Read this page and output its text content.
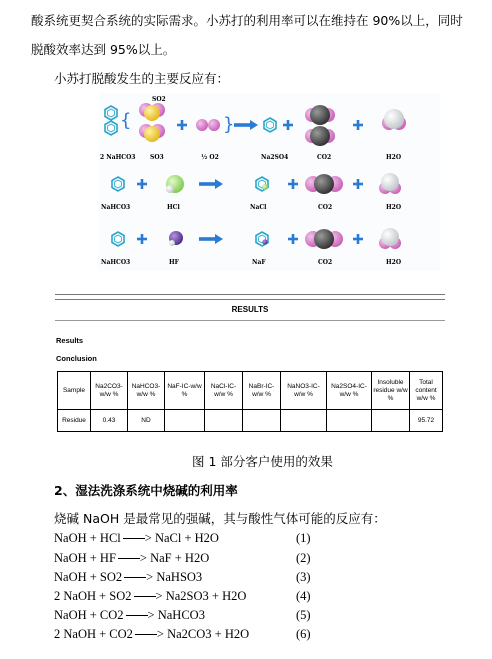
酸系统更契合系统的实际需求。小苏打的利用率可以在维持在 90%以上，同时
脱酸效率达到 95%以上。
小苏打脱酸发生的主要反应有：
{	}
SO2
2 NaHCO3 SO3	½ O2	Na2SO4	CO2	H2O
NaHCO3	HCl	NaCl	CO2	H2O
NaHCO3	HF	NaF	CO2	H2O
RESULTS
Results
Conclusion
Sample	Na2CO3-w/w %	NaHCO3-w/w %	NaF-IC-w/w %	NaCl-IC-w/w %	NaBr-IC-w/w %	NaNO3-IC-w/w %	Na2SO4-IC-w/w %	Insoluble residue w/w %	Total content w/w %
Residue	0.43	ND							95.72
图 1 部分客户使用的效果
2、湿法洗涤系统中烧碱的利用率
烧碱 NaOH 是最常见的强碱，其与酸性气体可能的反应有：
NaOH + HCl > NaCl + H2O	(1)
NaOH + HF > NaF + H2O	(2)
NaOH + SO2 > NaHSO3	(3)
2 NaOH + SO2 > Na2SO3 + H2O	(4)
NaOH + CO2 > NaHCO3	(5)
2 NaOH + CO2 > Na2CO3 + H2O	(6)
